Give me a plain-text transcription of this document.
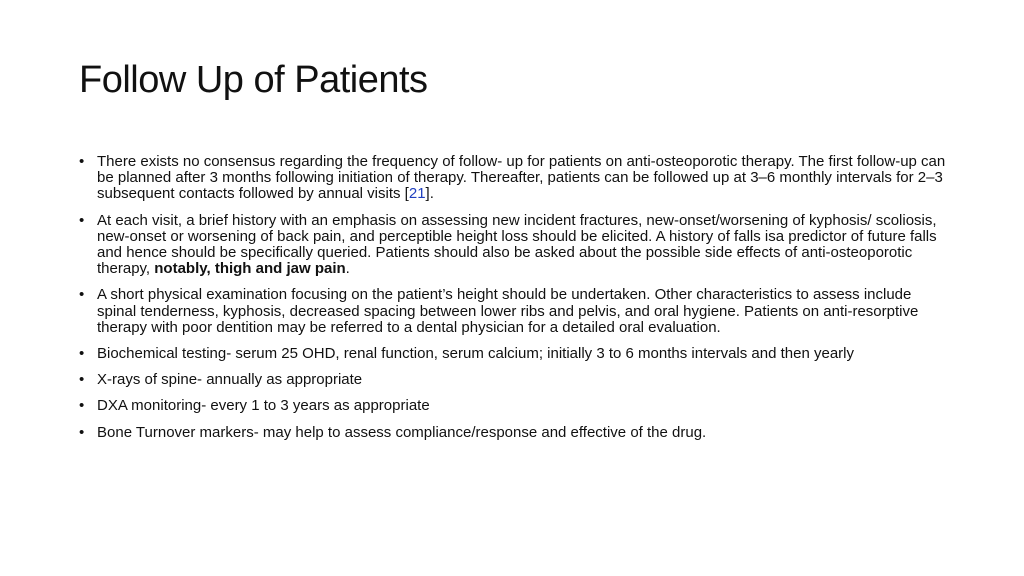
Follow Up of Patients
• There exists no consensus regarding the frequency of follow- up for patients on anti-osteoporotic therapy. The first follow-up can be planned after 3 months following initiation of therapy. Thereafter, patients can be followed up at 3–6 monthly intervals for 2–3 subsequent contacts followed by annual visits [21].
• At each visit, a brief history with an emphasis on assessing new incident fractures, new-onset/worsening of kyphosis/ scoliosis, new-onset or worsening of back pain, and perceptible height loss should be elicited. A history of falls isa predictor of future falls and hence should be specifically queried. Patients should also be asked about the possible side effects of anti-osteoporotic therapy, notably, thigh and jaw pain.
• A short physical examination focusing on the patient’s height should be undertaken. Other characteristics to assess include spinal tenderness, kyphosis, decreased spacing between lower ribs and pelvis, and oral hygiene. Patients on anti-resorptive therapy with poor dentition may be referred to a dental physician for a detailed oral evaluation.
• Biochemical testing- serum 25 OHD, renal function, serum calcium; initially 3 to 6 months intervals and then yearly
• X-rays of spine- annually as appropriate
• DXA monitoring- every 1 to 3 years as appropriate
• Bone Turnover markers- may help to assess compliance/response and effective of the drug.
